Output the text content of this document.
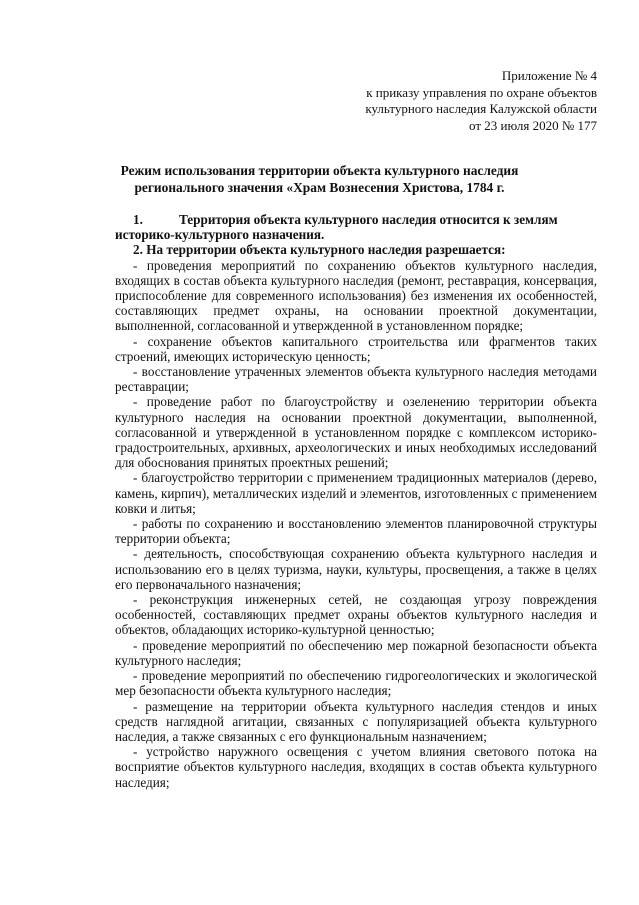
Приложение № 4
к приказу управления по охране объектов
культурного наследия Калужской области
от 23 июля 2020 № 177
Режим использования территории объекта культурного наследия
регионального значения «Храм Вознесения Христова, 1784 г.
1.	Территория объекта культурного наследия относится к землям
историко-культурного назначения.
2. На территории объекта культурного наследия разрешается:
- проведения мероприятий по сохранению объектов культурного наследия, входящих в состав объекта культурного наследия (ремонт, реставрация, консервация, приспособление для современного использования) без изменения их особенностей, составляющих предмет охраны, на основании проектной документации, выполненной, согласованной и утвержденной в установленном порядке;
- сохранение объектов капитального строительства или фрагментов таких строений, имеющих историческую ценность;
- восстановление утраченных элементов объекта культурного наследия методами реставрации;
- проведение работ по благоустройству и озеленению территории объекта культурного наследия на основании проектной документации, выполненной, согласованной и утвержденной в установленном порядке с комплексом историко-градостроительных, архивных, археологических и иных необходимых исследований для обоснования принятых проектных решений;
- благоустройство территории с применением традиционных материалов (дерево, камень, кирпич), металлических изделий и элементов, изготовленных с применением ковки и литья;
- работы по сохранению и восстановлению элементов планировочной структуры территории объекта;
- деятельность, способствующая сохранению объекта культурного наследия и использованию его в целях туризма, науки, культуры, просвещения, а также в целях его первоначального назначения;
- реконструкция инженерных сетей, не создающая угрозу повреждения особенностей, составляющих предмет охраны объектов культурного наследия и объектов, обладающих историко-культурной ценностью;
- проведение мероприятий по обеспечению мер пожарной безопасности объекта культурного наследия;
- проведение мероприятий по обеспечению гидрогеологических и экологической мер безопасности объекта культурного наследия;
- размещение на территории объекта культурного наследия стендов и иных средств наглядной агитации, связанных с популяризацией объекта культурного наследия, а также связанных с его функциональным назначением;
- устройство наружного освещения с учетом влияния светового потока на восприятие объектов культурного наследия, входящих в состав объекта культурного наследия;
